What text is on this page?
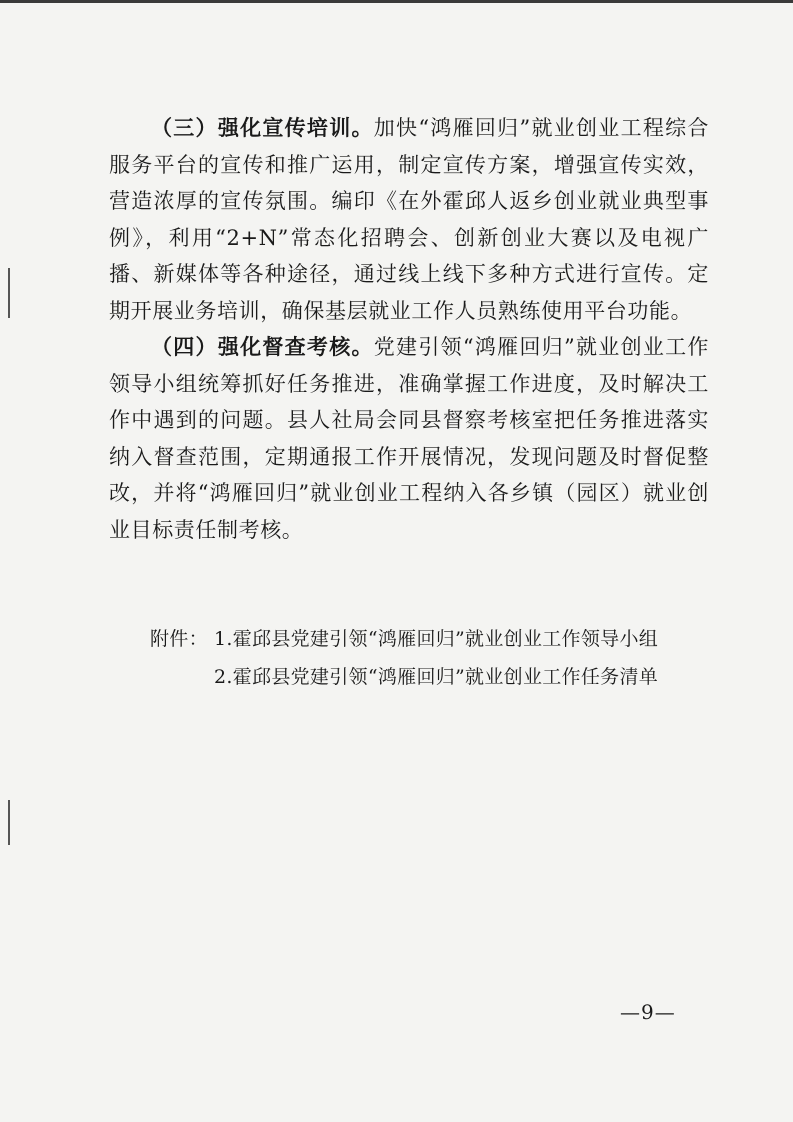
（三）强化宣传培训。加快“鸿雁回归”就业创业工程综合服务平台的宣传和推广运用，制定宣传方案，增强宣传实效，营造浓厚的宣传氛围。编印《在外霍邱人返乡创业就业典型事例》，利用“2+N”常态化招聘会、创新创业大赛以及电视广播、新媒体等各种途径，通过线上线下多种方式进行宣传。定期开展业务培训，确保基层就业工作人员熟练使用平台功能。

（四）强化督查考核。党建引领“鸿雁回归”就业创业工作领导小组统筹抓好任务推进，准确掌握工作进度，及时解决工作中遇到的问题。县人社局会同县督察考核室把任务推进落实纳入督查范围，定期通报工作开展情况，发现问题及时督促整改，并将“鸿雁回归”就业创业工程纳入各乡镇（园区）就业创业目标责任制考核。

附件： 1.霍邱县党建引领“鸿雁回归”就业创业工作领导小组
2.霍邱县党建引领“鸿雁回归”就业创业工作任务清单
—9—
